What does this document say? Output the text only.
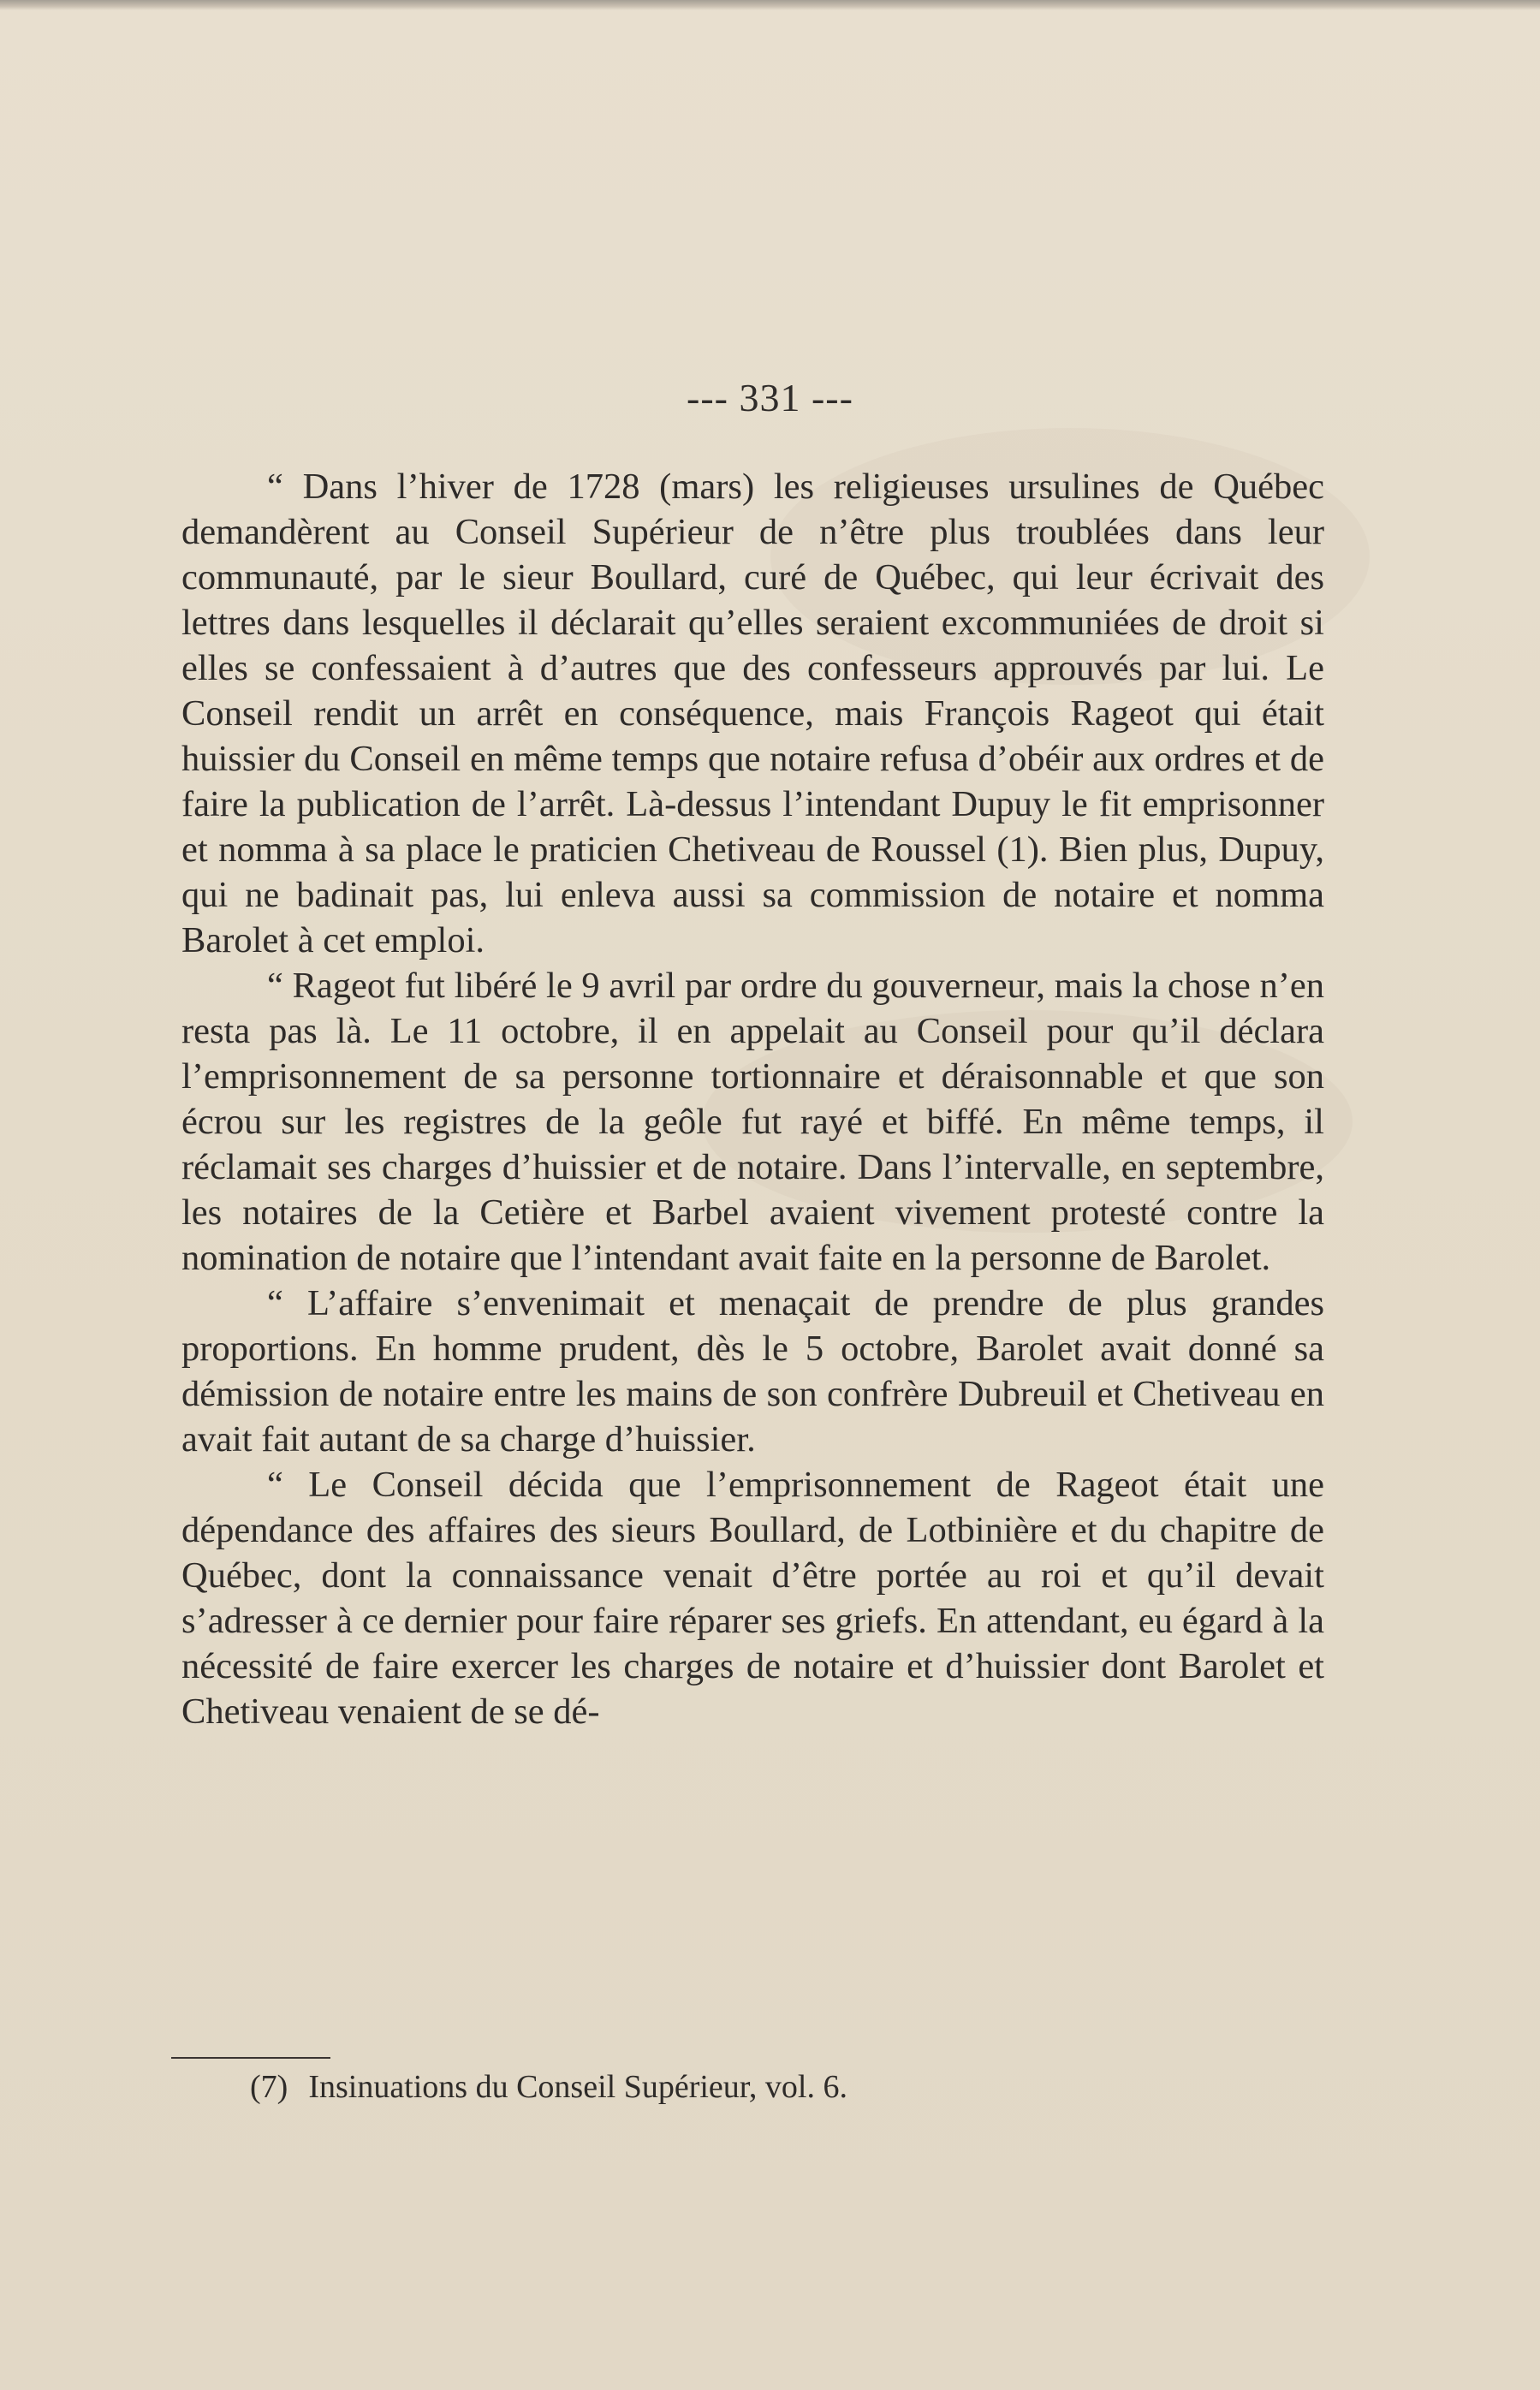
--- 331 ---

“ Dans l’hiver de 1728 (mars) les religieuses ursulines de Québec demandèrent au Conseil Supérieur de n’être plus troublées dans leur communauté, par le sieur Boullard, curé de Québec, qui leur écrivait des lettres dans lesquelles il déclarait qu’elles seraient excommuniées de droit si elles se confessaient à d’autres que des confesseurs approuvés par lui. Le Conseil rendit un arrêt en conséquence, mais François Rageot qui était huissier du Conseil en même temps que notaire refusa d’obéir aux ordres et de faire la publication de l’arrêt. Là-dessus l’intendant Dupuy le fit emprisonner et nomma à sa place le praticien Chetiveau de Roussel (1). Bien plus, Dupuy, qui ne badinait pas, lui enleva aussi sa commission de notaire et nomma Barolet à cet emploi.

“ Rageot fut libéré le 9 avril par ordre du gouverneur, mais la chose n’en resta pas là. Le 11 octobre, il en appelait au Conseil pour qu’il déclara l’emprisonnement de sa personne tortionnaire et déraisonnable et que son écrou sur les registres de la geôle fut rayé et biffé. En même temps, il réclamait ses charges d’huissier et de notaire. Dans l’intervalle, en septembre, les notaires de la Cetière et Barbel avaient vivement protesté contre la nomination de notaire que l’intendant avait faite en la personne de Barolet.

“ L’affaire s’envenimait et menaçait de prendre de plus grandes proportions. En homme prudent, dès le 5 octobre, Barolet avait donné sa démission de notaire entre les mains de son confrère Dubreuil et Chetiveau en avait fait autant de sa charge d’huissier.

“ Le Conseil décida que l’emprisonnement de Rageot était une dépendance des affaires des sieurs Boullard, de Lotbinière et du chapitre de Québec, dont la connaissance venait d’être portée au roi et qu’il devait s’adresser à ce dernier pour faire réparer ses griefs. En attendant, eu égard à la nécessité de faire exercer les charges de notaire et d’huissier dont Barolet et Chetiveau venaient de se dé-

(7) Insinuations du Conseil Supérieur, vol. 6.
